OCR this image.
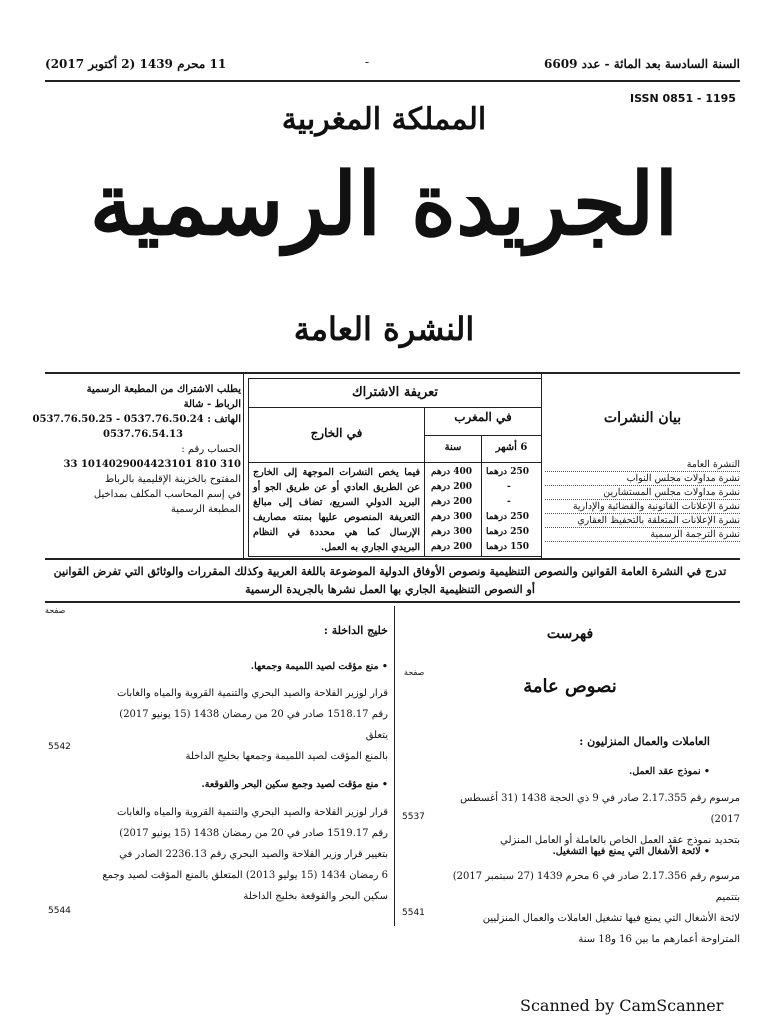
السنة السادسة بعد المائة - عدد 6609
-
11 محرم 1439 (2 أكتوبر 2017)
ISSN 0851 - 1195
المملكة المغربية
الجريدة الرسمية
النشرة العامة
يطلب الاشتراك من المطبعة الرسمية
الرباط - شالة
الهاتف : 0537.76.50.24 - 0537.76.50.25
0537.76.54.13
الحساب رقم :
310 810 1014029004423101 33
المفتوح بالخزينة الإقليمية بالرباط
في إسم المحاسب المكلف بمداخيل
المطبعة الرسمية
تعريفة الاشتراك
في المغرب
في الخارج
6 أشهر
سنة
فيما يخص النشرات الموجهة إلى الخارج عن الطريق العادي أو عن طريق الجو أو البريد الدولي السريع، تضاف إلى مبالغ التعريفة المنصوص عليها بمنته مصاريف الإرسال كما هي محددة في النظام البريدي الجاري به العمل.
250 درهما
400 درهم
-
200 درهم
-
200 درهم
250 درهما
300 درهم
250 درهما
300 درهم
150 درهما
200 درهم
بيان النشرات
النشرة العامة
نشرة مداولات مجلس النواب
نشرة مداولات مجلس المستشارين
نشرة الإعلانات القانونية والقضائية والإدارية
نشرة الإعلانات المتعلقة بالتحفيظ العقاري
نشرة الترجمة الرسمية
تدرج في النشرة العامة القوانين والنصوص التنظيمية ونصوص الأوفاق الدولية الموضوعة باللغة العربية وكذلك المقررات والوثائق التي تفرض القوانين
أو النصوص التنظيمية الجاري بها العمل نشرها بالجريدة الرسمية
صفحة
خليج الداخلة :
• منع مؤقت لصيد اللميمة وجمعها.
قرار لوزير الفلاحة والصيد البحري والتنمية القروية والمياه والغابات
رقم 1518.17 صادر في 20 من رمضان 1438 (15 يونيو 2017) يتعلق
بالمنع المؤقت لصيد اللميمة وجمعها بخليج الداخلة
5542
• منع مؤقت لصيد وجمع سكين البحر والقوقعة.
قرار لوزير الفلاحة والصيد البحري والتنمية القروية والمياه والغابات
رقم 1519.17 صادر في 20 من رمضان 1438 (15 يونيو 2017)
بتغيير قرار وزير الفلاحة والصيد البحري رقم 2236.13 الصادر في
6 رمضان 1434 (15 يوليو 2013) المتعلق بالمنع المؤقت لصيد وجمع
سكين البحر والقوقعة بخليج الداخلة
5544
صفحة
فهرست
نصوص عامة
العاملات والعمال المنزليون :
• نموذج عقد العمل.
مرسوم رقم 2.17.355 صادر في 9 ذي الحجة 1438 (31 أغسطس 2017)
بتحديد نموذج عقد العمل الخاص بالعاملة أو العامل المنزلي
5537
• لائحة الأشغال التي يمنع فيها التشغيل.
مرسوم رقم 2.17.356 صادر في 6 محرم 1439 (27 سبتمبر 2017) بتتميم
لائحة الأشغال التي يمنع فيها تشغيل العاملات والعمال المنزليين
المتراوحة أعمارهم ما بين 16 و18 سنة
5541
Scanned by CamScanner
